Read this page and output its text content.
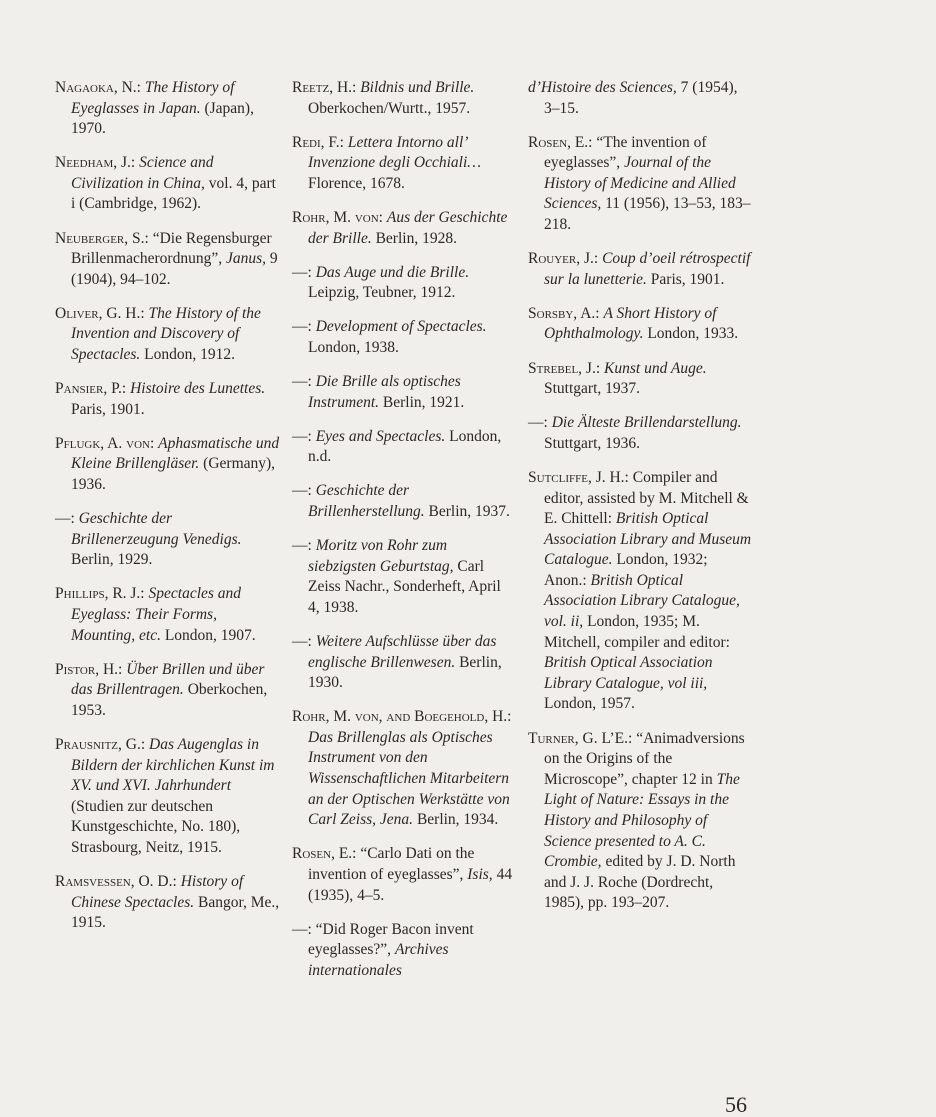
Nagaoka, N.: The History of Eyeglasses in Japan. (Japan), 1970.

Needham, J.: Science and Civilization in China, vol. 4, part i (Cambridge, 1962).

Neuberger, S.: “Die Regensburger Brillenmacherordnung”, Janus, 9 (1904), 94–102.

Oliver, G. H.: The History of the Invention and Discovery of Spectacles. London, 1912.

Pansier, P.: Histoire des Lunettes. Paris, 1901.

Pflugk, A. von: Aphasmatische und Kleine Brillengläser. (Germany), 1936.

—: Geschichte der Brillenerzeugung Venedigs. Berlin, 1929.

Phillips, R. J.: Spectacles and Eyeglass: Their Forms, Mounting, etc. London, 1907.

Pistor, H.: Über Brillen und über das Brillentragen. Oberkochen, 1953.

Prausnitz, G.: Das Augenglas in Bildern der kirchlichen Kunst im XV. und XVI. Jahrhundert (Studien zur deutschen Kunstgeschichte, No. 180), Strasbourg, Neitz, 1915.

Ramsvessen, O. D.: History of Chinese Spectacles. Bangor, Me., 1915.

Reetz, H.: Bildnis und Brille. Oberkochen/Wurtt., 1957.

Redi, F.: Lettera Intorno all’ Invenzione degli Occhiali… Florence, 1678.

Rohr, M. von: Aus der Geschichte der Brille. Berlin, 1928.

—: Das Auge und die Brille. Leipzig, Teubner, 1912.

—: Development of Spectacles. London, 1938.

—: Die Brille als optisches Instrument. Berlin, 1921.

—: Eyes and Spectacles. London, n.d.

—: Geschichte der Brillenherstellung. Berlin, 1937.

—: Moritz von Rohr zum siebzigsten Geburtstag, Carl Zeiss Nachr., Sonderheft, April 4, 1938.

—: Weitere Aufschlüsse über das englische Brillenwesen. Berlin, 1930.

Rohr, M. von, and Boegehold, H.: Das Brillenglas als Optisches Instrument von den Wissenschaftlichen Mitarbeitern an der Optischen Werkstätte von Carl Zeiss, Jena. Berlin, 1934.

Rosen, E.: “Carlo Dati on the invention of eyeglasses”, Isis, 44 (1935), 4–5.

—: “Did Roger Bacon invent eyeglasses?”, Archives internationales

d’Histoire des Sciences, 7 (1954), 3–15.

Rosen, E.: “The invention of eyeglasses”, Journal of the History of Medicine and Allied Sciences, 11 (1956), 13–53, 183–218.

Rouyer, J.: Coup d’oeil rétrospectif sur la lunetterie. Paris, 1901.

Sorsby, A.: A Short History of Ophthalmology. London, 1933.

Strebel, J.: Kunst und Auge. Stuttgart, 1937.

—: Die Älteste Brillendarstellung. Stuttgart, 1936.

Sutcliffe, J. H.: Compiler and editor, assisted by M. Mitchell & E. Chittell: British Optical Association Library and Museum Catalogue. London, 1932; Anon.: British Optical Association Library Catalogue, vol. ii, London, 1935; M. Mitchell, compiler and editor: British Optical Association Library Catalogue, vol iii, London, 1957.

Turner, G. L’E.: “Animadversions on the Origins of the Microscope”, chapter 12 in The Light of Nature: Essays in the History and Philosophy of Science presented to A. C. Crombie, edited by J. D. North and J. J. Roche (Dordrecht, 1985), pp. 193–207.

56
